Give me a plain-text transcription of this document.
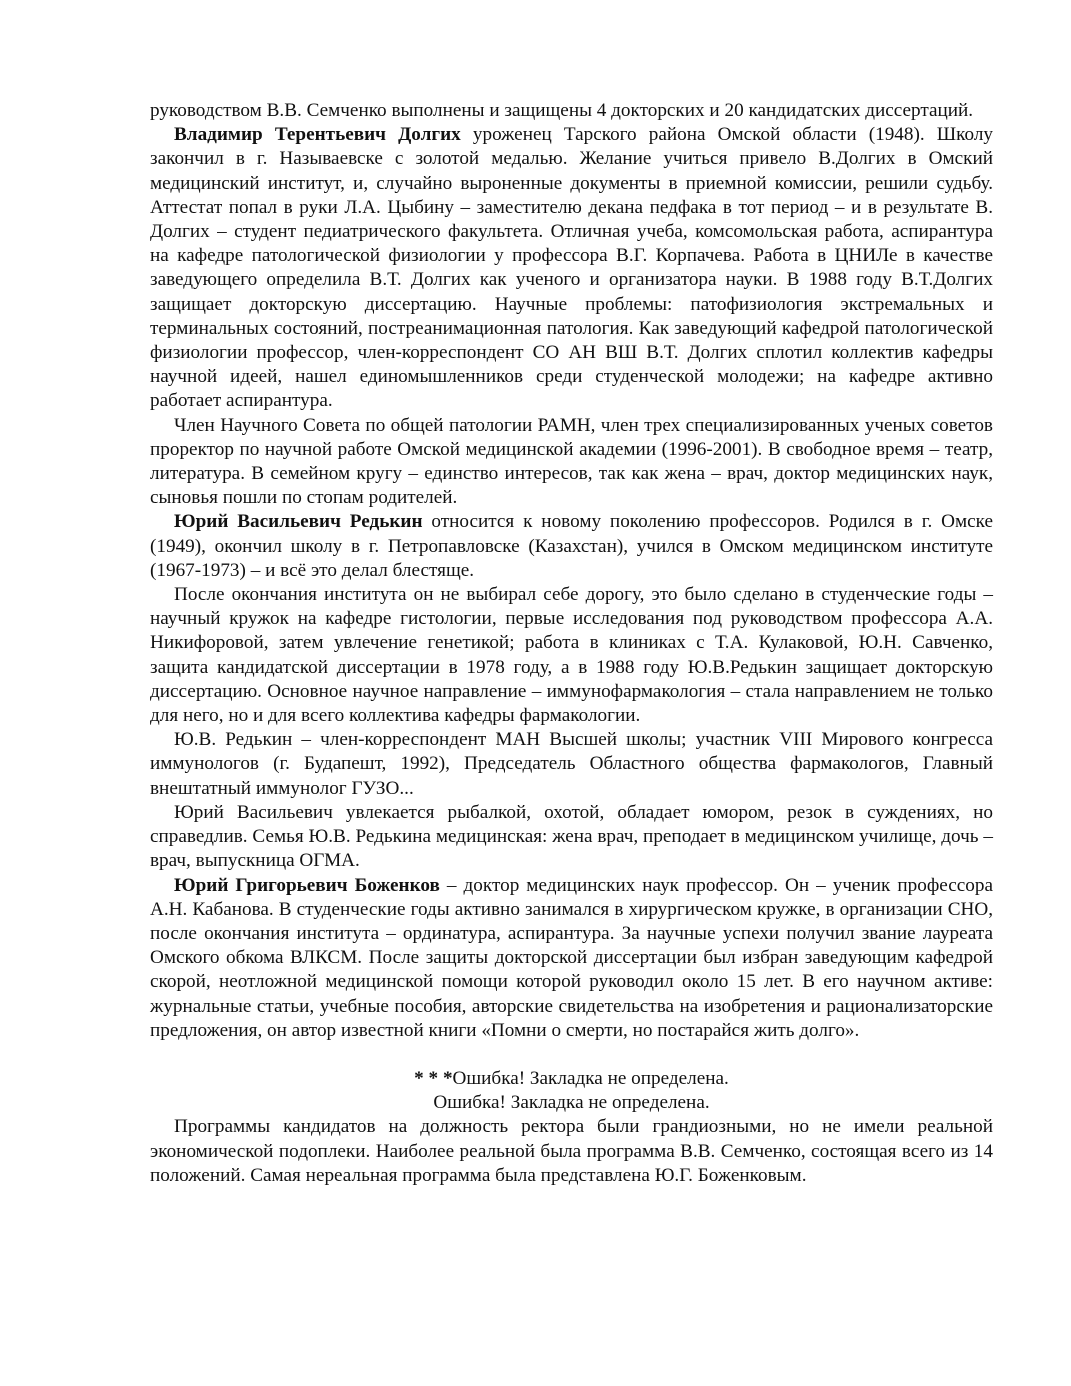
руководством В.В. Семченко выполнены и защищены 4 докторских и 20 кандидатских диссертаций.

Владимир Терентьевич Долгих уроженец Тарского района Омской области (1948). Школу закончил в г. Называевске с золотой медалью. Желание учиться привело В.Долгих в Омский медицинский институт, и, случайно выроненные документы в приемной комиссии, решили судьбу. Аттестат попал в руки Л.А. Цыбину – заместителю декана педфака в тот период – и в результате В. Долгих – студент педиатрического факультета. Отличная учеба, комсомольская работа, аспирантура на кафедре патологической физиологии у профессора В.Г. Корпачева. Работа в ЦНИЛе в качестве заведующего определила В.Т. Долгих как ученого и организатора науки. В 1988 году В.Т.Долгих защищает докторскую диссертацию. Научные проблемы: патофизиология экстремальных и терминальных состояний, постреанимационная патология. Как заведующий кафедрой патологической физиологии профессор, член-корреспондент СО АН ВШ В.Т. Долгих сплотил коллектив кафедры научной идеей, нашел единомышленников среди студенческой молодежи; на кафедре активно работает аспирантура.

Член Научного Совета по общей патологии РАМН, член трех специализированных ученых советов проректор по научной работе Омской медицинской академии (1996-2001). В свободное время – театр, литература. В семейном кругу – единство интересов, так как жена – врач, доктор медицинских наук, сыновья пошли по стопам родителей.

Юрий Васильевич Редькин относится к новому поколению профессоров. Родился в г. Омске (1949), окончил школу в г. Петропавловске (Казахстан), учился в Омском медицинском институте (1967-1973) – и всё это делал блестяще.

После окончания института он не выбирал себе дорогу, это было сделано в студенческие годы – научный кружок на кафедре гистологии, первые исследования под руководством профессора А.А. Никифоровой, затем увлечение генетикой; работа в клиниках с Т.А. Кулаковой, Ю.Н. Савченко, защита кандидатской диссертации в 1978 году, а в 1988 году Ю.В.Редькин защищает докторскую диссертацию. Основное научное направление – иммунофармакология – стала направлением не только для него, но и для всего коллектива кафедры фармакологии.

Ю.В. Редькин – член-корреспондент МАН Высшей школы; участник VIII Мирового конгресса иммунологов (г. Будапешт, 1992), Председатель Областного общества фармакологов, Главный внештатный иммунолог ГУЗО...

Юрий Васильевич увлекается рыбалкой, охотой, обладает юмором, резок в суждениях, но справедлив. Семья Ю.В. Редькина медицинская: жена врач, преподает в медицинском училище, дочь – врач, выпускница ОГМА.

Юрий Григорьевич Боженков – доктор медицинских наук профессор. Он – ученик профессора А.Н. Кабанова. В студенческие годы активно занимался в хирургическом кружке, в организации СНО, после окончания института – ординатура, аспирантура. За научные успехи получил звание лауреата Омского обкома ВЛКСМ. После защиты докторской диссертации был избран заведующим кафедрой скорой, неотложной медицинской помощи которой руководил около 15 лет. В его научном активе: журнальные статьи, учебные пособия, авторские свидетельства на изобретения и рационализаторские предложения, он автор известной книги «Помни о смерти, но постарайся жить долго».

* * *Ошибка! Закладка не определена.

Ошибка! Закладка не определена.

Программы кандидатов на должность ректора были грандиозными, но не имели реальной экономической подоплеки. Наиболее реальной была программа В.В. Семченко, состоящая всего из 14 положений. Самая нереальная программа была представлена Ю.Г. Боженковым.
